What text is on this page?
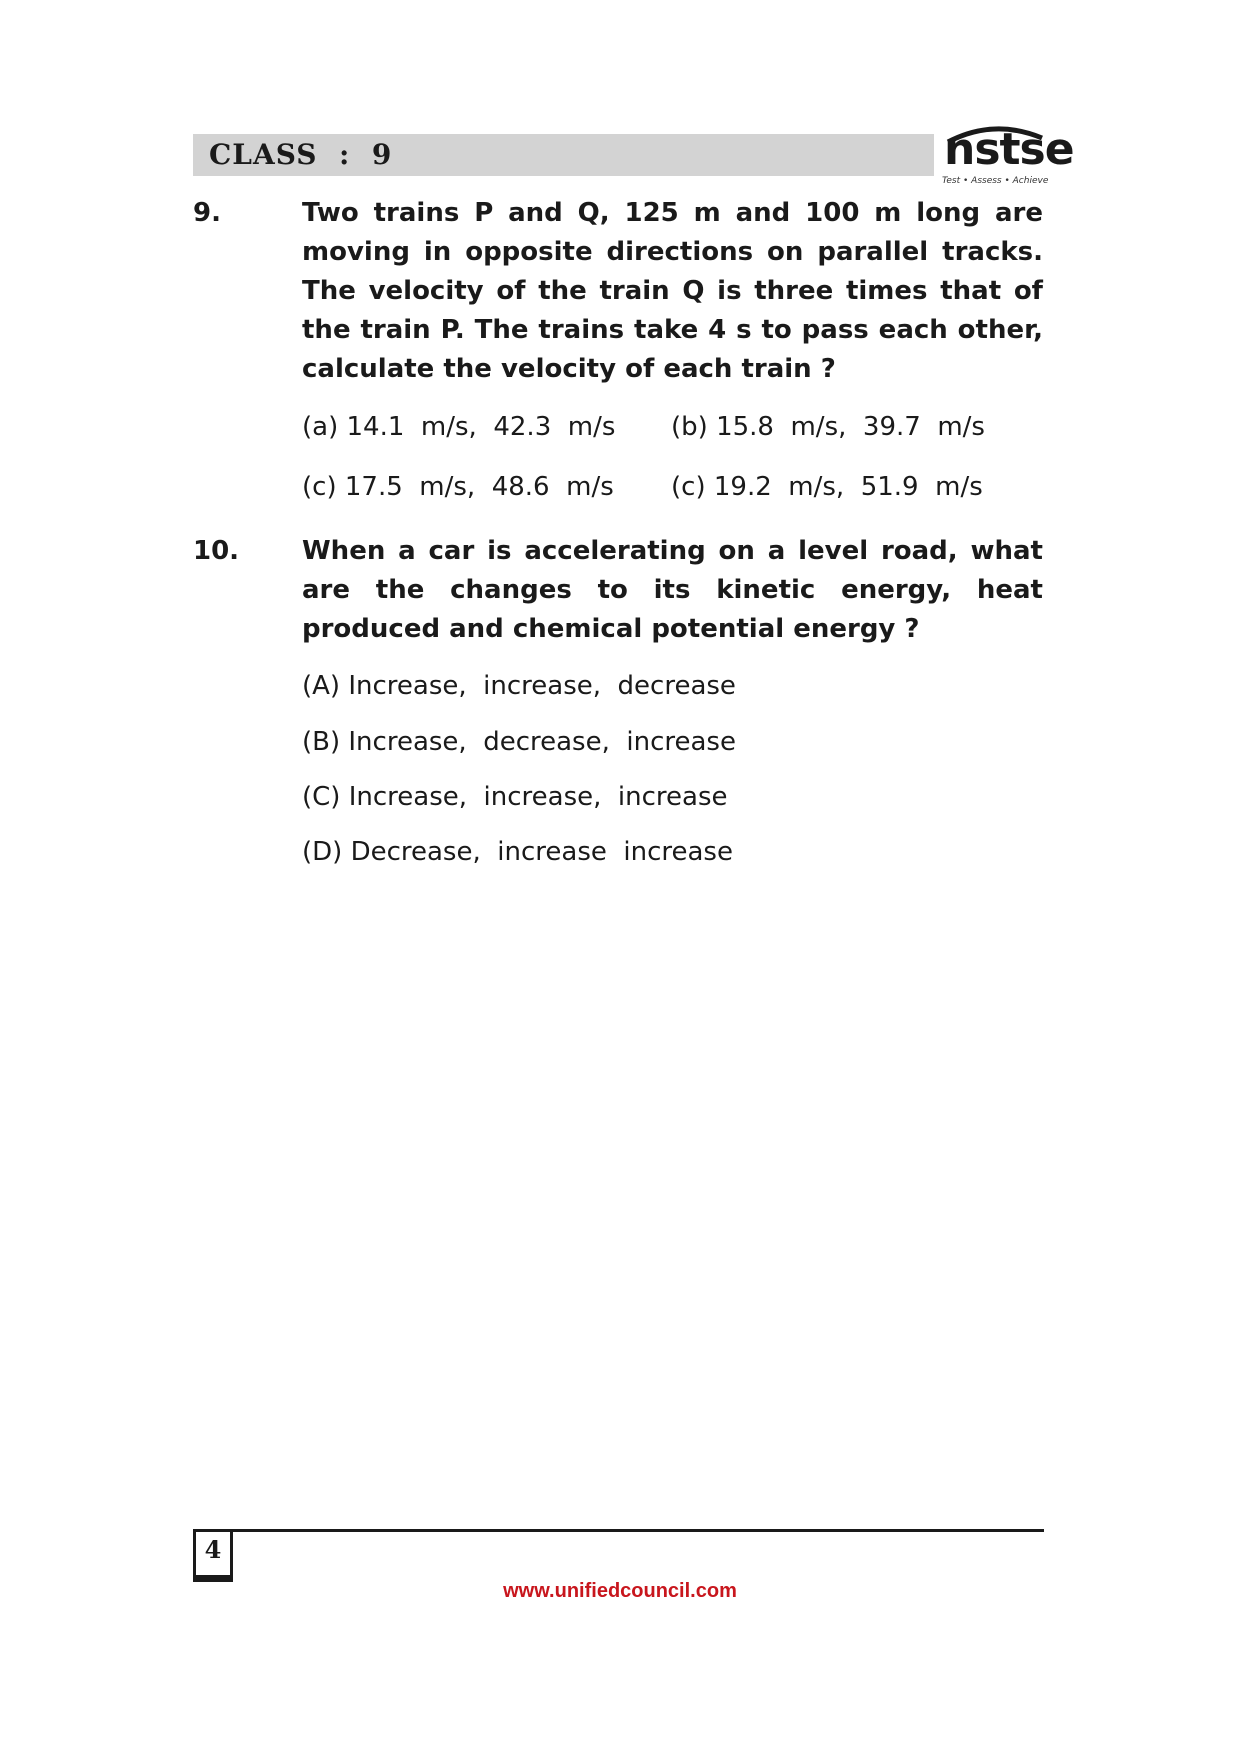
CLASS  :  9	nstse
Test • Assess • Achieve
9.	Two trains P and Q, 125 m and 100 m long are moving in opposite directions on parallel tracks. The velocity of the train Q is three times that of the train P. The trains take 4 s to pass each other, calculate the velocity of each train ?
(a) 14.1  m/s,  42.3  m/s (b) 15.8  m/s,  39.7  m/s
(c) 17.5  m/s,  48.6  m/s (c) 19.2  m/s,  51.9  m/s
10. When a car is accelerating on a level road, what are the changes to its kinetic energy, heat produced and chemical potential energy ?
(A) Increase,  increase,  decrease
(B) Increase,  decrease,  increase
(C) Increase,  increase,  increase
(D) Decrease,  increase  increase
4
www.unifiedcouncil.com
